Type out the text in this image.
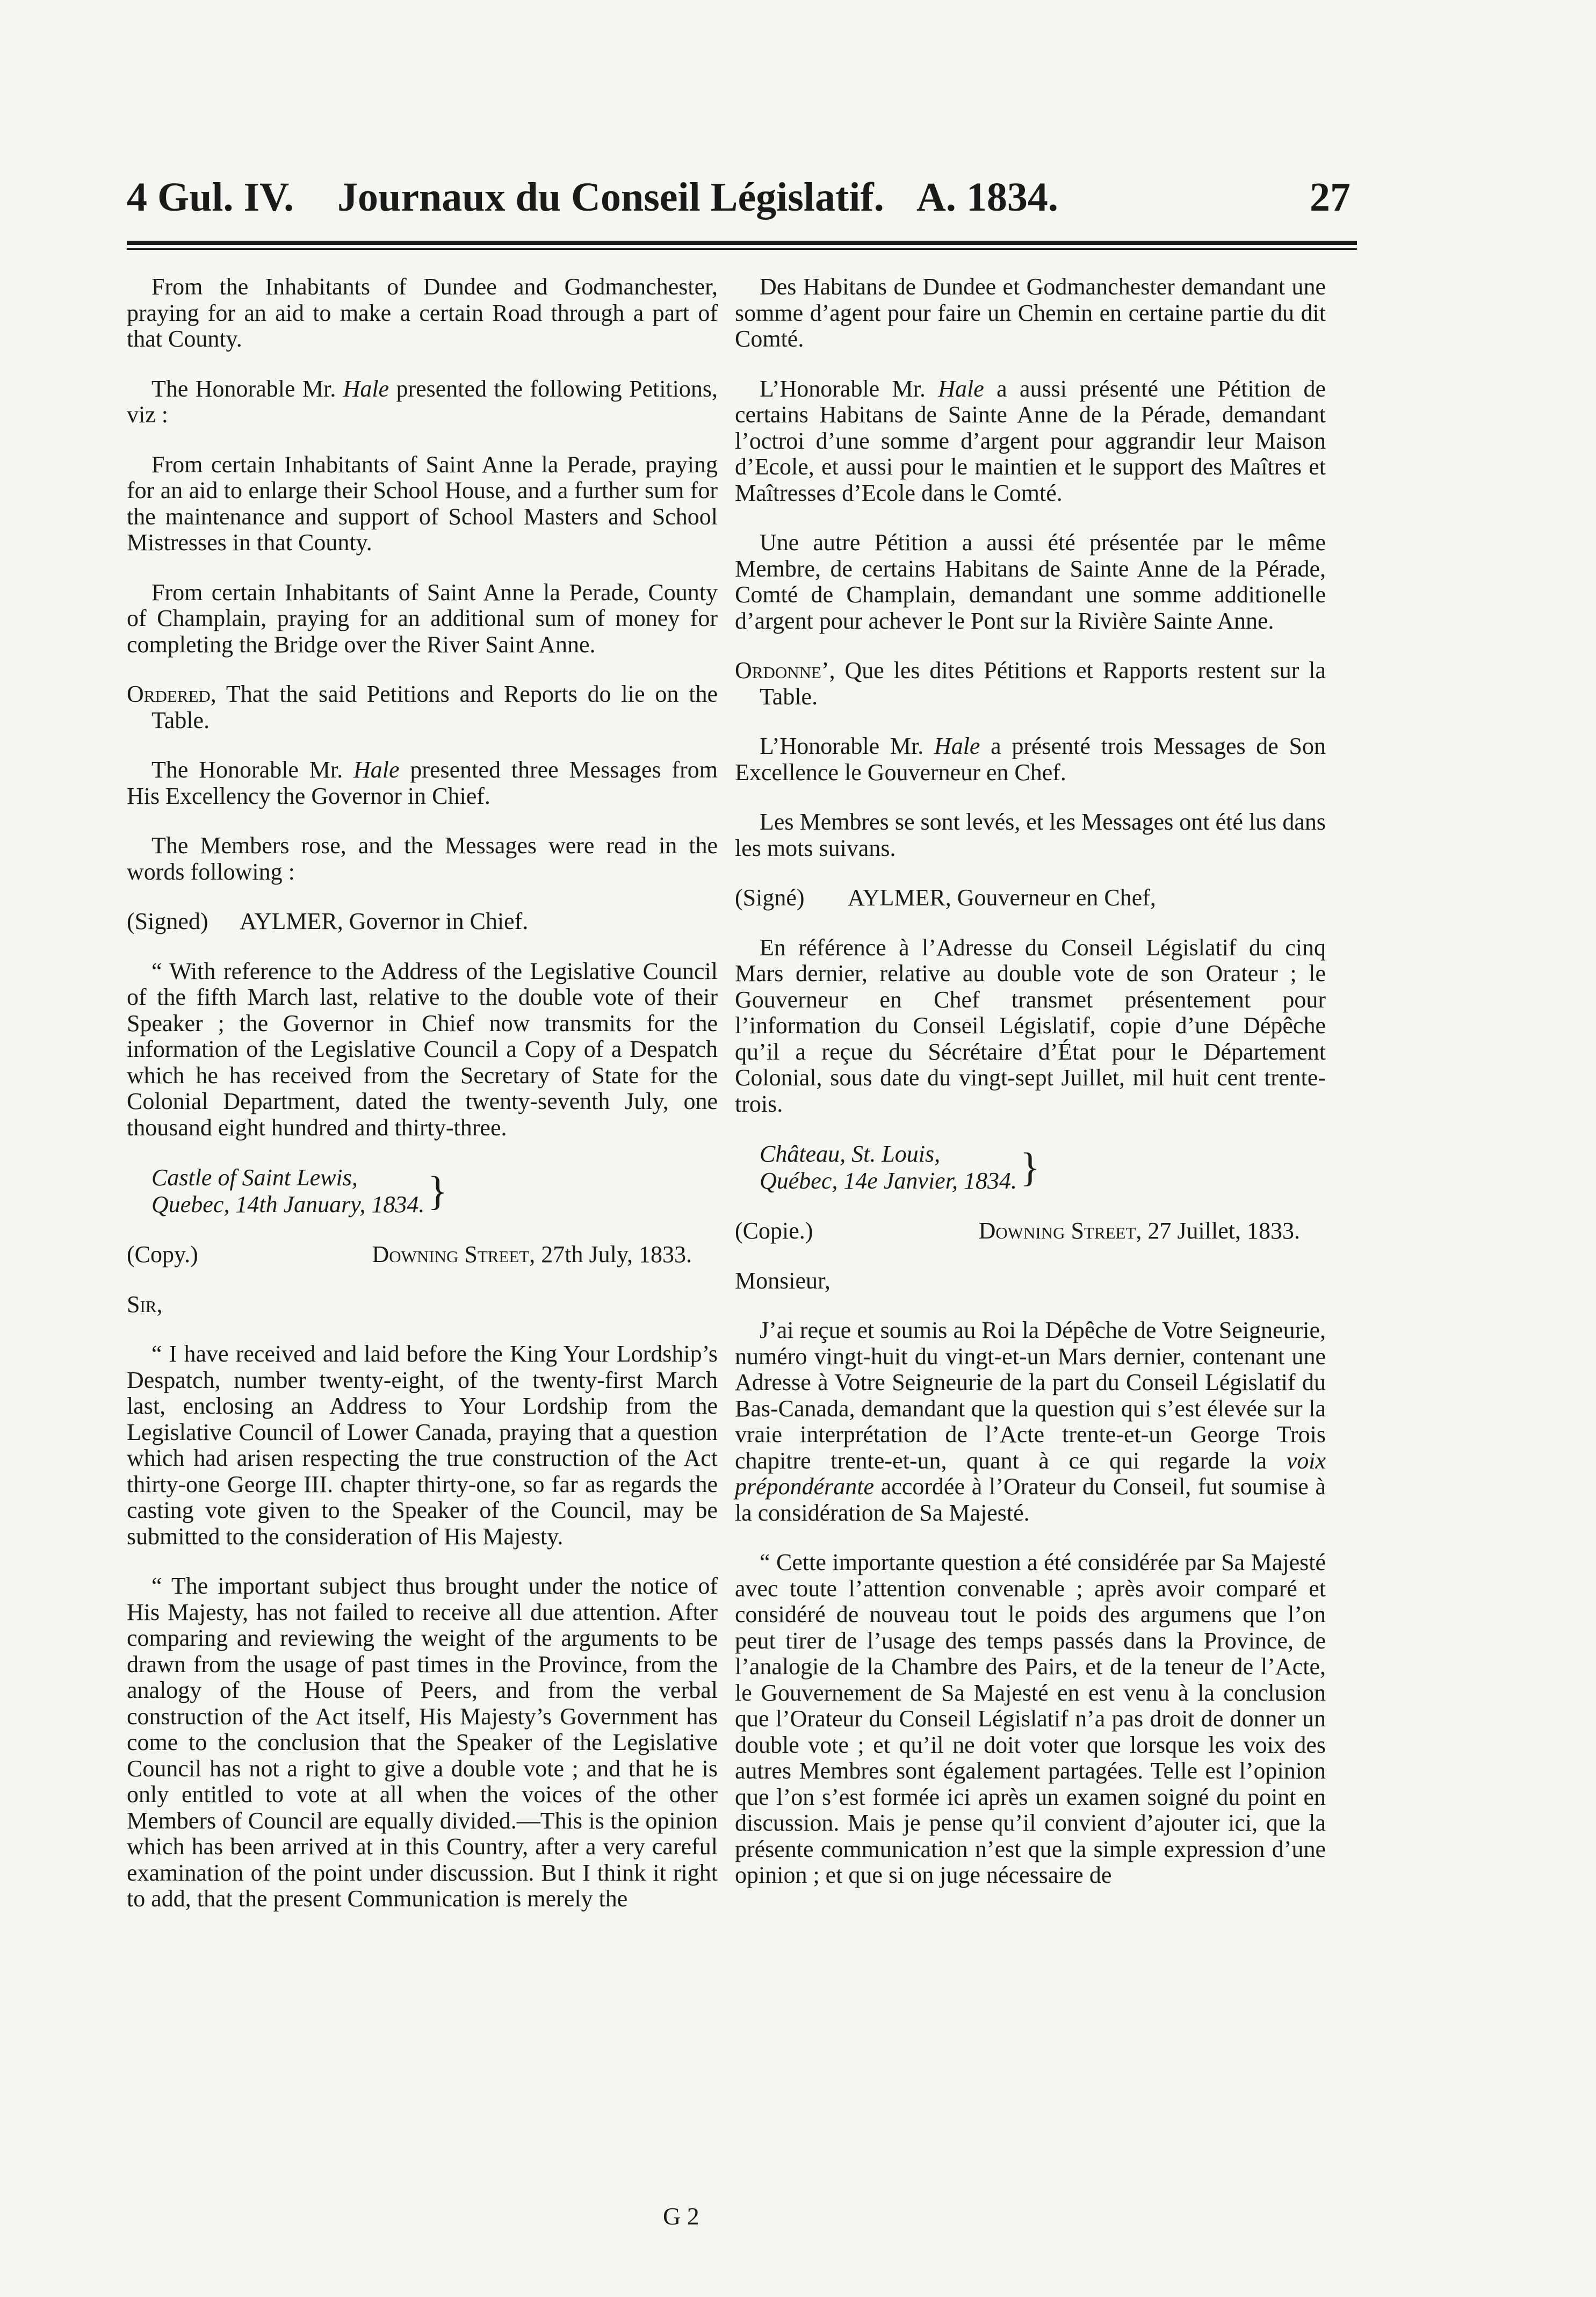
4 Gul. IV. Journaux du Conseil Législatif. A. 1834.	27

From the Inhabitants of Dundee and Godmanchester, praying for an aid to make a certain Road through a part of that County.

The Honorable Mr. Hale presented the following Petitions, viz :

From certain Inhabitants of Saint Anne la Perade, praying for an aid to enlarge their School House, and a further sum for the maintenance and support of School Masters and School Mistresses in that County.

From certain Inhabitants of Saint Anne la Perade, County of Champlain, praying for an additional sum of money for completing the Bridge over the River Saint Anne.

Ordered, That the said Petitions and Reports do lie on the Table.

The Honorable Mr. Hale presented three Messages from His Excellency the Governor in Chief.

The Members rose, and the Messages were read in the words following :

(Signed)	AYLMER, Governor in Chief.

“ With reference to the Address of the Legislative Council of the fifth March last, relative to the double vote of their Speaker ; the Governor in Chief now transmits for the information of the Legislative Council a Copy of a Despatch which he has received from the Secretary of State for the Colonial Department, dated the twenty-seventh July, one thousand eight hundred and thirty-three.

Castle of Saint Lewis,
Quebec, 14th January, 1834. }
(Copy.)	Downing Street, 27th July, 1833.

Sir,

“ I have received and laid before the King Your Lordship’s Despatch, number twenty-eight, of the twenty-first March last, enclosing an Address to Your Lordship from the Legislative Council of Lower Canada, praying that a question which had arisen respecting the true construction of the Act thirty-one George III. chapter thirty-one, so far as regards the casting vote given to the Speaker of the Council, may be submitted to the consideration of His Majesty.

“ The important subject thus brought under the notice of His Majesty, has not failed to receive all due attention. After comparing and reviewing the weight of the arguments to be drawn from the usage of past times in the Province, from the analogy of the House of Peers, and from the verbal construction of the Act itself, His Majesty’s Government has come to the conclusion that the Speaker of the Legislative Council has not a right to give a double vote ; and that he is only entitled to vote at all when the voices of the other Members of Council are equally divided.—This is the opinion which has been arrived at in this Country, after a very careful examination of the point under discussion. But I think it right to add, that the present Communication is merely the

Des Habitans de Dundee et Godmanchester demandant une somme d’agent pour faire un Chemin en certaine partie du dit Comté.

L’Honorable Mr. Hale a aussi présenté une Pétition de certains Habitans de Sainte Anne de la Pérade, demandant l’octroi d’une somme d’argent pour aggrandir leur Maison d’Ecole, et aussi pour le maintien et le support des Maîtres et Maîtresses d’Ecole dans le Comté.

Une autre Pétition a aussi été présentée par le même Membre, de certains Habitans de Sainte Anne de la Pérade, Comté de Champlain, demandant une somme additionelle d’argent pour achever le Pont sur la Rivière Sainte Anne.

Ordonne’, Que les dites Pétitions et Rapports restent sur la Table.

L’Honorable Mr. Hale a présenté trois Messages de Son Excellence le Gouverneur en Chef.

Les Membres se sont levés, et les Messages ont été lus dans les mots suivans.

(Signé)	AYLMER, Gouverneur en Chef,

En référence à l’Adresse du Conseil Législatif du cinq Mars dernier, relative au double vote de son Orateur ; le Gouverneur en Chef transmet présentement pour l’information du Conseil Législatif, copie d’une Dépêche qu’il a reçue du Sécrétaire d’État pour le Département Colonial, sous date du vingt-sept Juillet, mil huit cent trente-trois.

Château, St. Louis,
Québec, 14e Janvier, 1834. }
(Copie.)	Downing Street, 27 Juillet, 1833.

Monsieur,

J’ai reçue et soumis au Roi la Dépêche de Votre Seigneurie, numéro vingt-huit du vingt-et-un Mars dernier, contenant une Adresse à Votre Seigneurie de la part du Conseil Législatif du Bas-Canada, demandant que la question qui s’est élevée sur la vraie interprétation de l’Acte trente-et-un George Trois chapitre trente-et-un, quant à ce qui regarde la voix prépondérante accordée à l’Orateur du Conseil, fut soumise à la considération de Sa Majesté.

“ Cette importante question a été considérée par Sa Majesté avec toute l’attention convenable ; après avoir comparé et considéré de nouveau tout le poids des argumens que l’on peut tirer de l’usage des temps passés dans la Province, de l’analogie de la Chambre des Pairs, et de la teneur de l’Acte, le Gouvernement de Sa Majesté en est venu à la conclusion que l’Orateur du Conseil Législatif n’a pas droit de donner un double vote ; et qu’il ne doit voter que lorsque les voix des autres Membres sont également partagées. Telle est l’opinion que l’on s’est formée ici après un examen soigné du point en discussion. Mais je pense qu’il convient d’ajouter ici, que la présente communication n’est que la simple expression d’une opinion ; et que si on juge nécessaire de

G 2
